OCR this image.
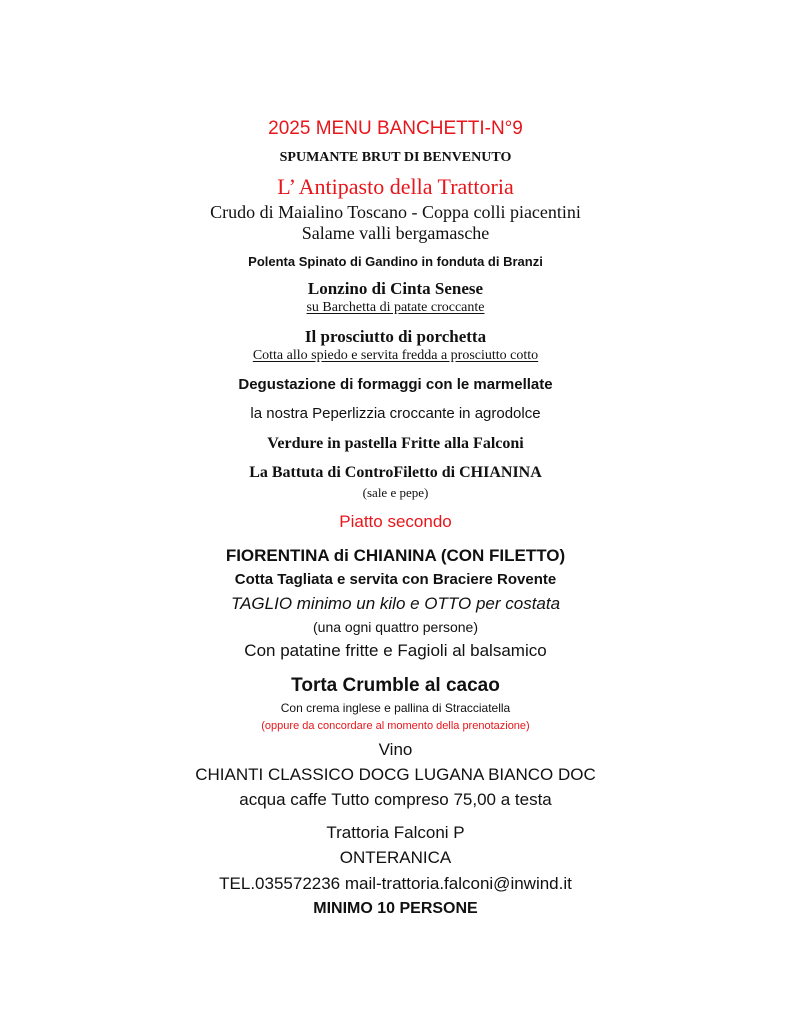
2025 MENU BANCHETTI-N°9
SPUMANTE BRUT DI BENVENUTO
L’ Antipasto della Trattoria
Crudo di Maialino Toscano - Coppa colli piacentini
Salame valli bergamasche
Polenta Spinato di Gandino in fonduta di Branzi
Lonzino di Cinta Senese
su Barchetta di patate croccante
Il prosciutto di porchetta
Cotta allo spiedo e servita fredda a prosciutto cotto
Degustazione di formaggi con le marmellate
la nostra Peperlizzia croccante in agrodolce
Verdure in pastella Fritte alla Falconi
La Battuta di ControFiletto di CHIANINA
(sale e pepe)
Piatto secondo
FIORENTINA di CHIANINA (CON FILETTO)
Cotta Tagliata e servita con Braciere Rovente
TAGLIO minimo un kilo e OTTO per costata
(una ogni quattro persone)
Con patatine fritte e Fagioli al balsamico
Torta Crumble al cacao
Con crema inglese e pallina di Stracciatella
(oppure da concordare al momento della prenotazione)
Vino
CHIANTI CLASSICO DOCG LUGANA BIANCO DOC
acqua caffe Tutto compreso 75,00 a testa
Trattoria Falconi P
ONTERANICA
TEL.035572236 mail-trattoria.falconi@inwind.it
MINIMO 10 PERSONE
